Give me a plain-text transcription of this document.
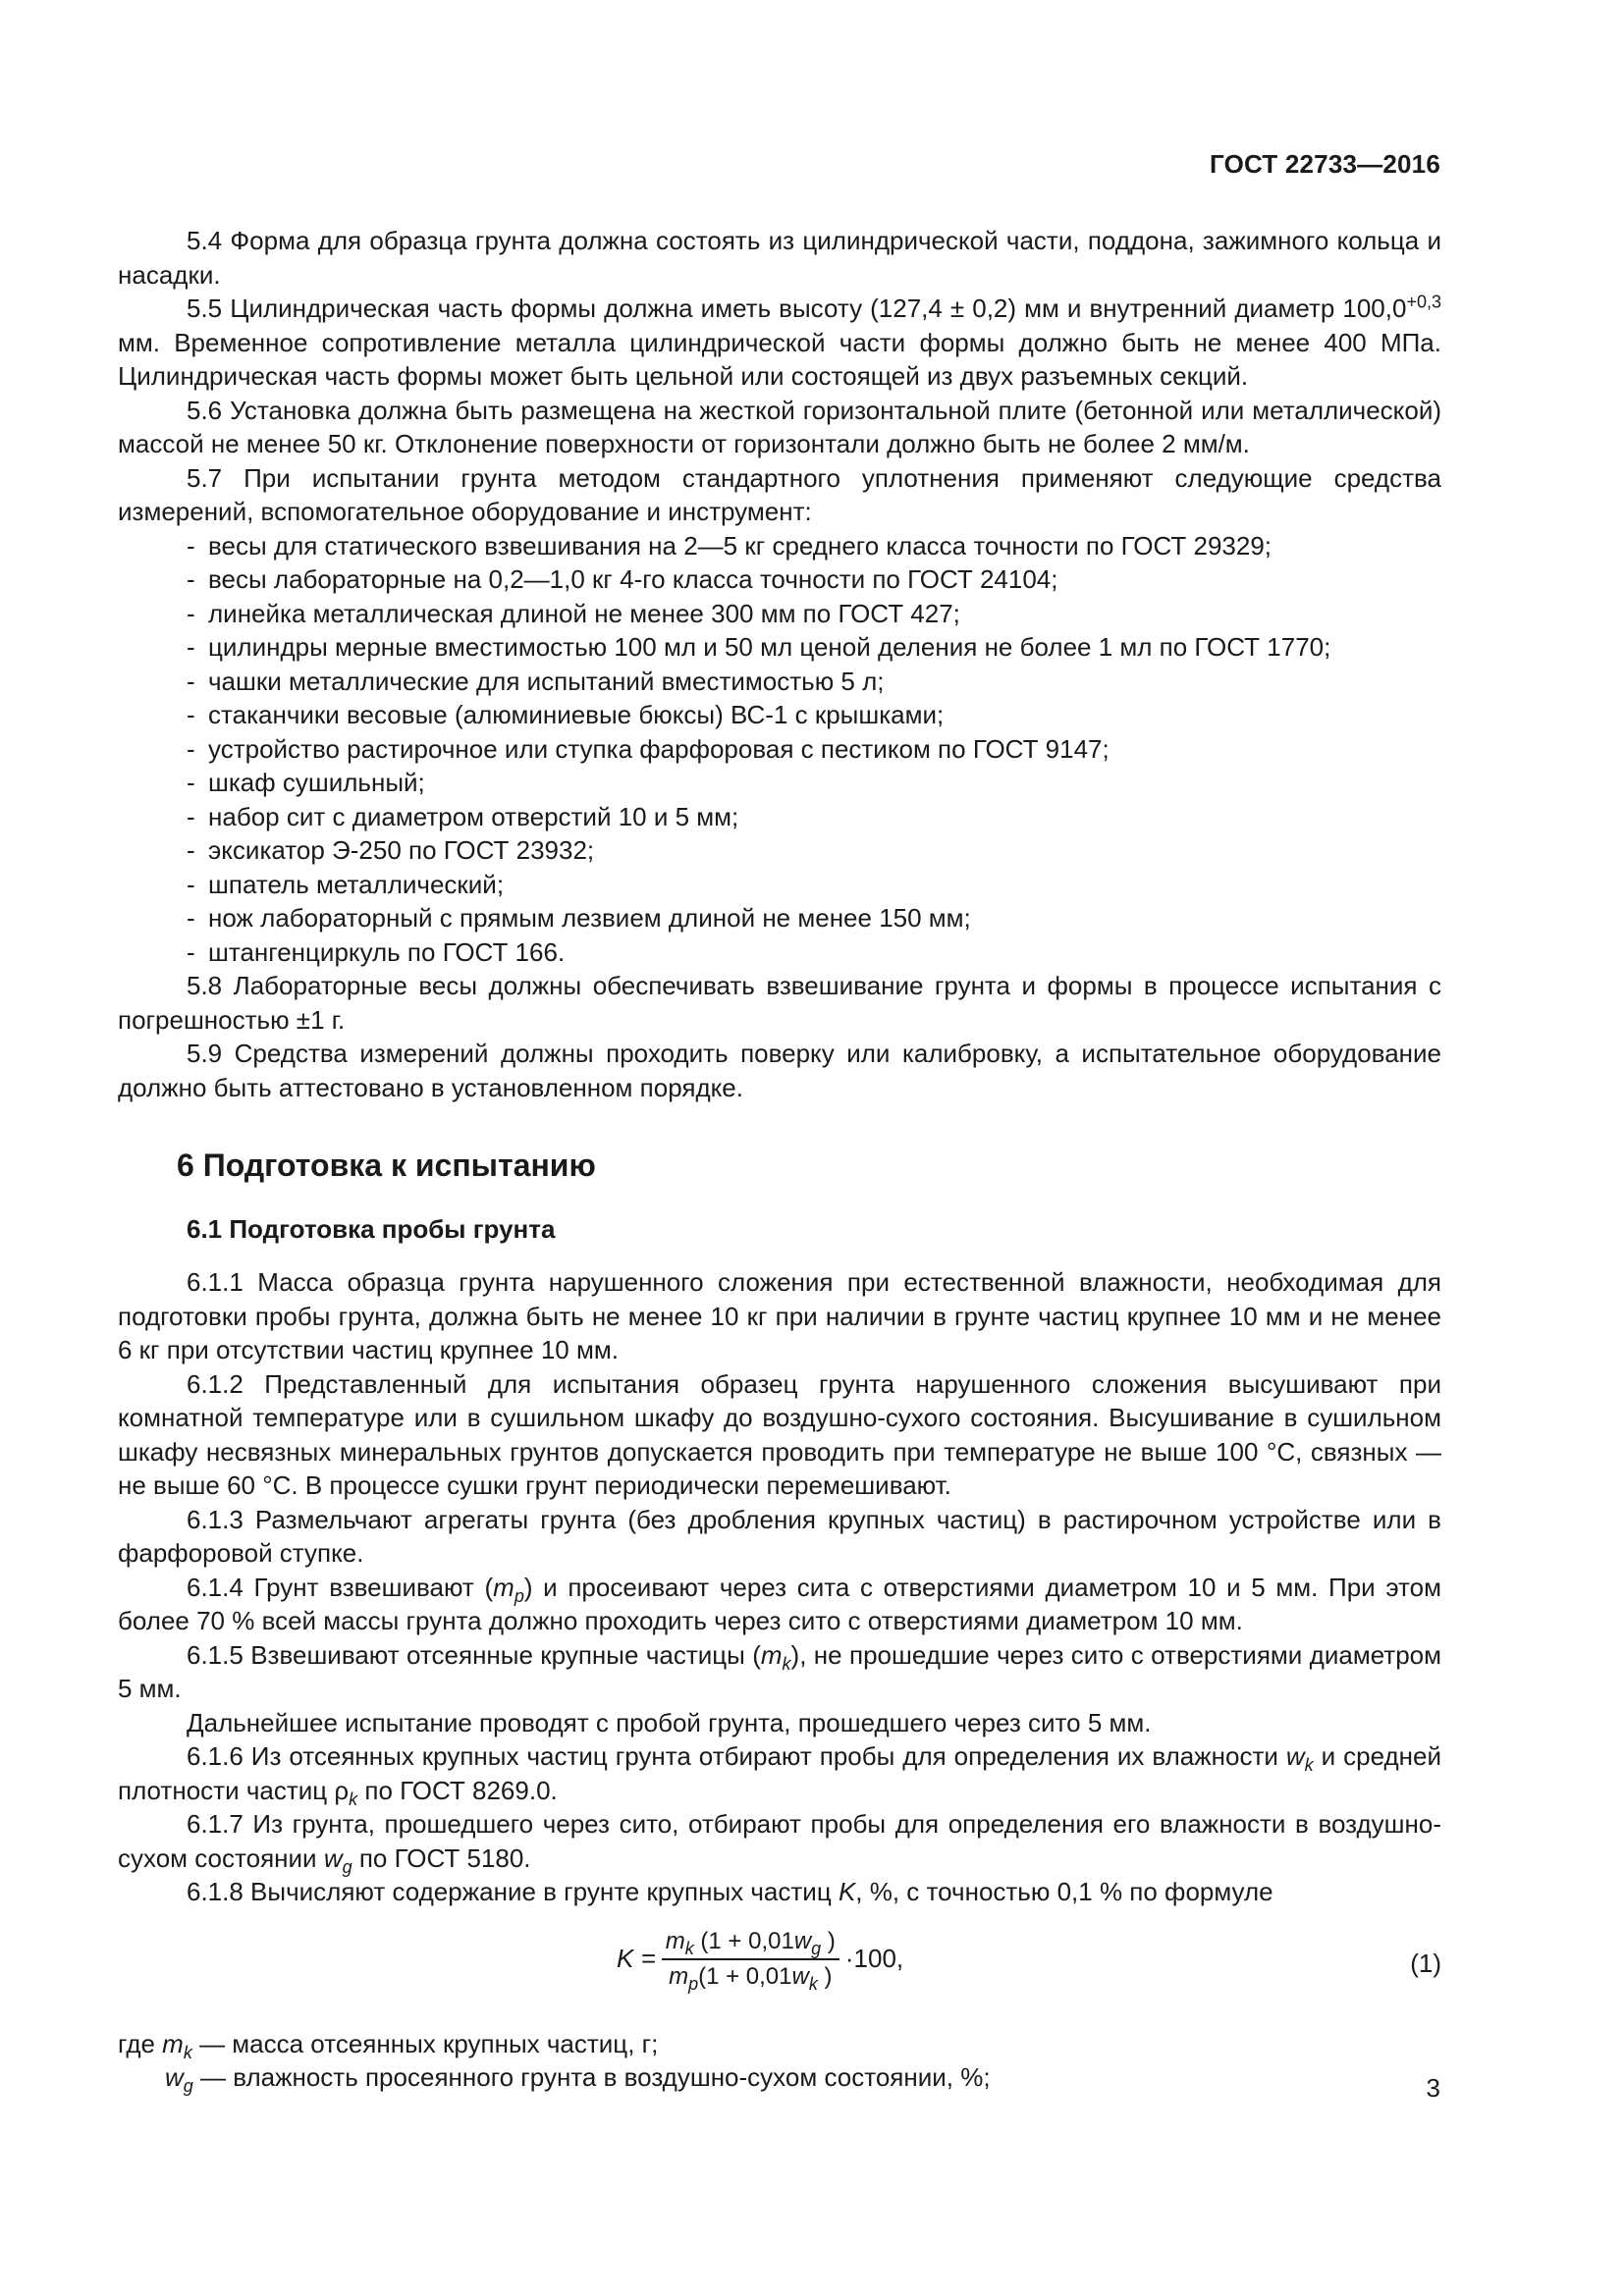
ГОСТ 22733—2016

5.4 Форма для образца грунта должна состоять из цилиндрической части, поддона, зажимного кольца и насадки.

5.5 Цилиндрическая часть формы должна иметь высоту (127,4 ± 0,2) мм и внутренний диаметр $100,0^{+0,3}$ мм. Временное сопротивление металла цилиндрической части формы должно быть не менее 400 МПа. Цилиндрическая часть формы может быть цельной или состоящей из двух разъемных секций.

5.6 Установка должна быть размещена на жесткой горизонтальной плите (бетонной или металлической) массой не менее 50 кг. Отклонение поверхности от горизонтали должно быть не более 2 мм/м.

5.7 При испытании грунта методом стандартного уплотнения применяют следующие средства измерений, вспомогательное оборудование и инструмент:

- весы для статического взвешивания на 2—5 кг среднего класса точности по ГОСТ 29329;

- весы лабораторные на 0,2—1,0 кг 4-го класса точности по ГОСТ 24104;

- линейка металлическая длиной не менее 300 мм по ГОСТ 427;

- цилиндры мерные вместимостью 100 мл и 50 мл ценой деления не более 1 мл по ГОСТ 1770;

- чашки металлические для испытаний вместимостью 5 л;

- стаканчики весовые (алюминиевые бюксы) ВС-1 с крышками;

- устройство растирочное или ступка фарфоровая с пестиком по ГОСТ 9147;

- шкаф сушильный;

- набор сит с диаметром отверстий 10 и 5 мм;

- эксикатор Э-250 по ГОСТ 23932;

- шпатель металлический;

- нож лабораторный с прямым лезвием длиной не менее 150 мм;

- штангенциркуль по ГОСТ 166.

5.8 Лабораторные весы должны обеспечивать взвешивание грунта и формы в процессе испытания с погрешностью ±1 г.

5.9 Средства измерений должны проходить поверку или калибровку, а испытательное оборудование должно быть аттестовано в установленном порядке.

6 Подготовка к испытанию
6.1 Подготовка пробы грунта

6.1.1 Масса образца грунта нарушенного сложения при естественной влажности, необходимая для подготовки пробы грунта, должна быть не менее 10 кг при наличии в грунте частиц крупнее 10 мм и не менее 6 кг при отсутствии частиц крупнее 10 мм.

6.1.2 Представленный для испытания образец грунта нарушенного сложения высушивают при комнатной температуре или в сушильном шкафу до воздушно-сухого состояния. Высушивание в сушильном шкафу несвязных минеральных грунтов допускается проводить при температуре не выше 100 °С, связных — не выше 60 °С. В процессе сушки грунт периодически перемешивают.

6.1.3 Размельчают агрегаты грунта (без дробления крупных частиц) в растирочном устройстве или в фарфоровой ступке.

6.1.4 Грунт взвешивают $(m_p)$ и просеивают через сита с отверстиями диаметром 10 и 5 мм. При этом более 70 % всей массы грунта должно проходить через сито с отверстиями диаметром 10 мм.

6.1.5 Взвешивают отсеянные крупные частицы $(m_k)$, не прошедшие через сито с отверстиями диаметром 5 мм.

Дальнейшее испытание проводят с пробой грунта, прошедшего через сито 5 мм.

6.1.6 Из отсеянных крупных частиц грунта отбирают пробы для определения их влажности $w_k$ и средней плотности частиц $\rho_k$ по ГОСТ 8269.0.

6.1.7 Из грунта, прошедшего через сито, отбирают пробы для определения его влажности в воздушно-сухом состоянии $w_g$ по ГОСТ 5180.

6.1.8 Вычисляют содержание в грунте крупных частиц K, %, с точностью 0,1 % по формуле

$K = \frac{m_k (1 + 0,01w_g )}{m_p(1 + 0,01w_k )} \cdot 100$,	(1)

где $m_k$ — масса отсеянных крупных частиц, г;

$w_g$ — влажность просеянного грунта в воздушно-сухом состоянии, %;	3
